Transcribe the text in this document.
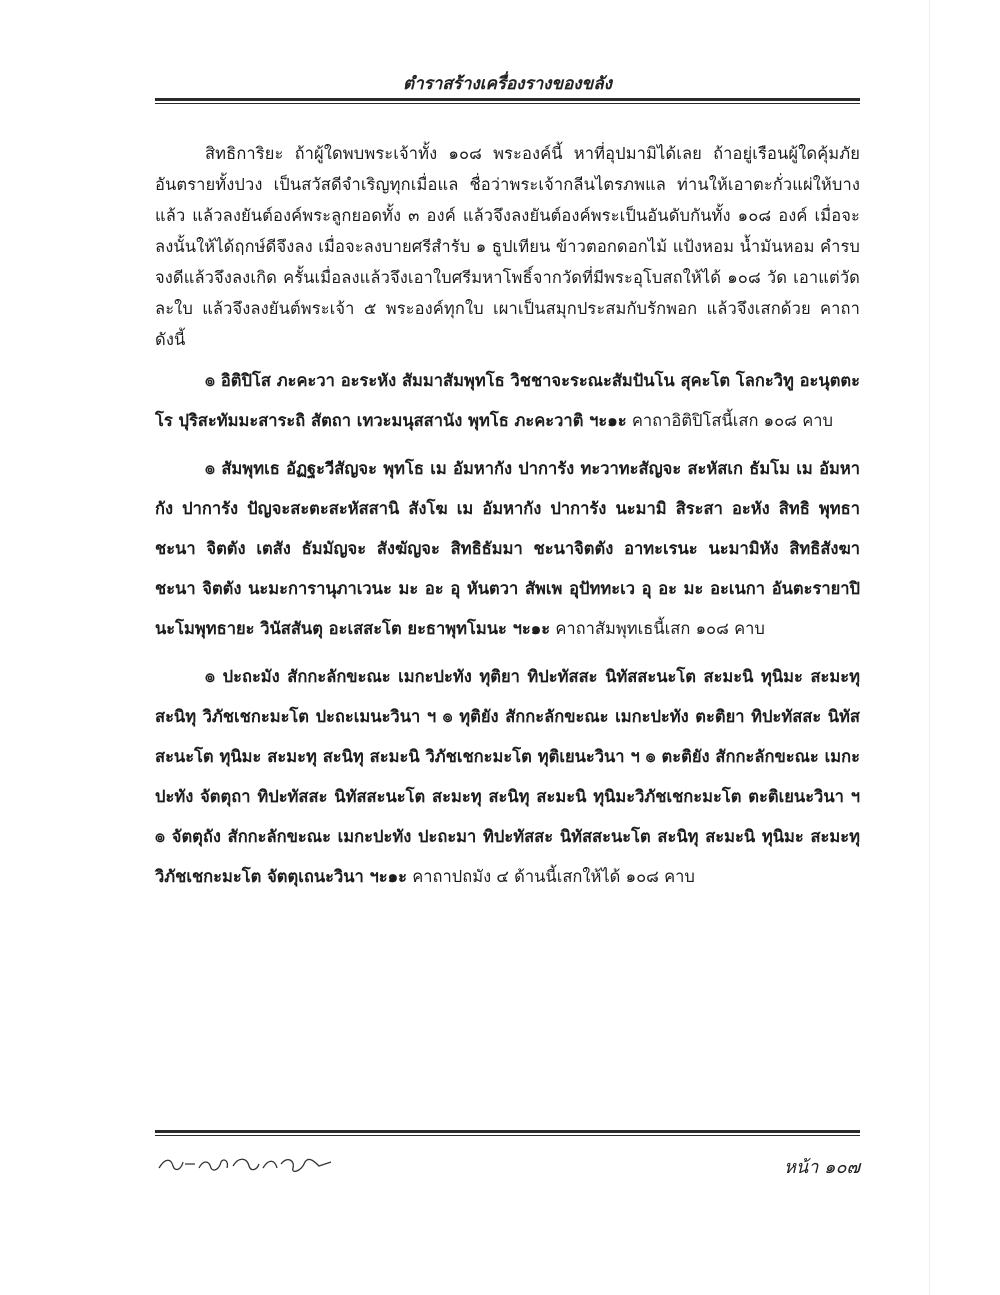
ตำราสร้างเครื่องรางของขลัง

สิทธิการิยะ ถ้าผู้ใดพบพระเจ้าทั้ง ๑๐๘ พระองค์นี้ หาที่อุปมามิได้เลย ถ้าอยู่เรือนผู้ใดคุ้มภัยอันตรายทั้งปวง เป็นสวัสดีจำเริญทุกเมื่อแล ชื่อว่าพระเจ้ากลีนไตรภพแล ท่านให้เอาตะกั่วแผ่ให้บางแล้ว แล้วลงยันต์องค์พระลูกยอดทั้ง ๓ องค์ แล้วจึงลงยันต์องค์พระเป็นอันดับกันทั้ง ๑๐๘ องค์ เมื่อจะลงนั้นให้ได้ฤกษ์ดีจึงลง เมื่อจะลงบายศรีสำรับ ๑ ธูปเทียน ข้าวตอกดอกไม้ แป้งหอม น้ำมันหอม คำรบจงดีแล้วจึงลงเกิด ครั้นเมื่อลงแล้วจึงเอาใบศรีมหาโพธิ์จากวัดที่มีพระอุโบสถให้ได้ ๑๐๘ วัด เอาแต่วัดละใบ แล้วจึงลงยันต์พระเจ้า ๕ พระองค์ทุกใบ เผาเป็นสมุกประสมกับรักพอก แล้วจึงเสกด้วย คาถาดังนี้

๏ อิติปิโส ภะคะวา อะระหัง สัมมาสัมพุทโธ วิชชาจะระณะสัมปันโน สุคะโต โลกะวิทู อะนุตตะโร ปุริสะทัมมะสาระถิ สัตถา เทวะมนุสสานัง พุทโธ ภะคะวาติ ฯะ๑ะ คาถาอิติปิโสนี้เสก ๑๐๘ คาบ

๏ สัมพุทเธ อัฏฐะวีสัญจะ พุทโธ เม อัมหากัง ปาการัง ทะวาทะสัญจะ สะหัสเก ธัมโม เม อัมหากัง ปาการัง ปัญจะสะตะสะหัสสานิ สังโฆ เม อัมหากัง ปาการัง นะมามิ สิระสา อะหัง สิทธิ พุทธา ชะนา จิตตัง เตสัง ธัมมัญจะ สังฆัญจะ สิทธิธัมมา ชะนาจิตตัง อาทะเรนะ นะมามิหัง สิทธิสังฆา ชะนา จิตตัง นะมะการานุภาเวนะ มะ อะ อุ หันตวา สัพเพ อุปัททะเว อุ อะ มะ อะเนกา อันตะรายาปิ นะโมพุทธายะ วินัสสันตุ อะเสสะโต ยะธาพุทโมนะ ฯะ๑ะ คาถาสัมพุทเธนี้เสก ๑๐๘ คาบ

๏ ปะถะมัง สักกะลักขะณะ เมกะปะทัง ทุติยา ทิปะทัสสะ นิทัสสะนะโต สะมะนิ ทุนิมะ สะมะทุ สะนิทุ วิภัชเชกะมะโต ปะถะเมนะวินา ฯ ๏ ทุติยัง สักกะลักขะณะ เมกะปะทัง ตะติยา ทิปะทัสสะ นิทัสสะนะโต ทุนิมะ สะมะทุ สะนิทุ สะมะนิ วิภัชเชกะมะโต ทุติเยนะวินา ฯ ๏ ตะติยัง สักกะลักขะณะ เมกะปะทัง จัตตุถา ทิปะทัสสะ นิทัสสะนะโต สะมะทุ สะนิทุ สะมะนิ ทุนิมะวิภัชเชกะมะโต ตะติเยนะวินา ฯ ๏ จัตตุถัง สักกะลักขะณะ เมกะปะทัง ปะถะมา ทิปะทัสสะ นิทัสสะนะโต สะนิทุ สะมะนิ ทุนิมะ สะมะทุ วิภัชเชกะมะโต จัตตุเถนะวินา ฯะ๑ะ คาถาปถมัง ๔ ด้านนี้เสกให้ได้ ๑๐๘ คาบ

หน้า ๑๐๗
